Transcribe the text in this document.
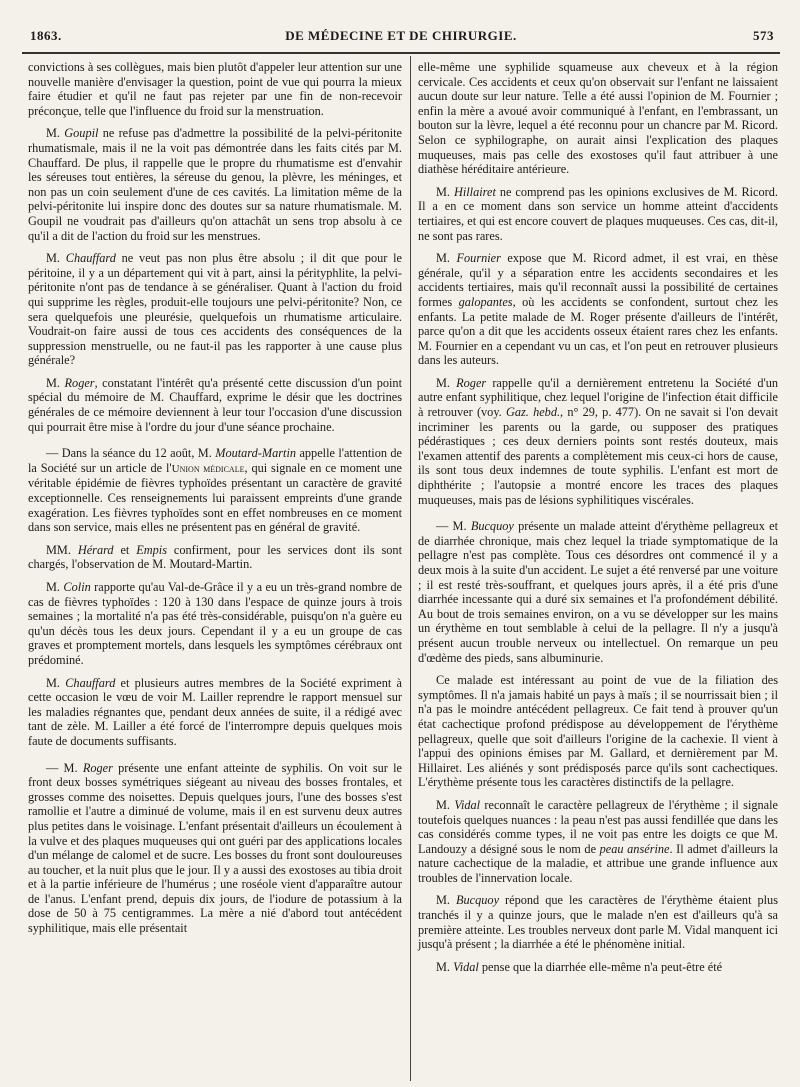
1863.	DE MÉDECINE ET DE CHIRURGIE.	573

convictions à ses collègues, mais bien plutôt d'appeler leur attention sur une nouvelle manière d'envisager la question, point de vue qui pourra la mieux faire étudier et qu'il ne faut pas rejeter par une fin de non-recevoir préconçue, telle que l'influence du froid sur la menstruation.

M. Goupil ne refuse pas d'admettre la possibilité de la pelvi-péritonite rhumatismale, mais il ne la voit pas démontrée dans les faits cités par M. Chauffard. De plus, il rappelle que le propre du rhumatisme est d'envahir les séreuses tout entières, la séreuse du genou, la plèvre, les méninges, et non pas un coin seulement d'une de ces cavités. La limitation même de la pelvi-péritonite lui inspire donc des doutes sur sa nature rhumatismale. M. Goupil ne voudrait pas d'ailleurs qu'on attachât un sens trop absolu à ce qu'il a dit de l'action du froid sur les menstrues.

M. Chauffard ne veut pas non plus être absolu ; il dit que pour le péritoine, il y a un département qui vit à part, ainsi la pérityphlite, la pelvi-péritonite n'ont pas de tendance à se généraliser. Quant à l'action du froid qui supprime les règles, produit-elle toujours une pelvi-péritonite? Non, ce sera quelquefois une pleurésie, quelquefois un rhumatisme articulaire. Voudrait-on faire aussi de tous ces accidents des conséquences de la suppression menstruelle, ou ne faut-il pas les rapporter à une cause plus générale?

M. Roger, constatant l'intérêt qu'a présenté cette discussion d'un point spécial du mémoire de M. Chauffard, exprime le désir que les doctrines générales de ce mémoire deviennent à leur tour l'occasion d'une discussion qui pourrait être mise à l'ordre du jour d'une séance prochaine.

— Dans la séance du 12 août, M. Moutard-Martin appelle l'attention de la Société sur un article de l'Union médicale, qui signale en ce moment une véritable épidémie de fièvres typhoïdes présentant un caractère de gravité exceptionnelle. Ces renseignements lui paraissent empreints d'une grande exagération. Les fièvres typhoïdes sont en effet nombreuses en ce moment dans son service, mais elles ne présentent pas en général de gravité.

MM. Hérard et Empis confirment, pour les services dont ils sont chargés, l'observation de M. Moutard-Martin.

M. Colin rapporte qu'au Val-de-Grâce il y a eu un très-grand nombre de cas de fièvres typhoïdes : 120 à 130 dans l'espace de quinze jours à trois semaines ; la mortalité n'a pas été très-considérable, puisqu'on n'a guère eu qu'un décès tous les deux jours. Cependant il y a eu un groupe de cas graves et promptement mortels, dans lesquels les symptômes cérébraux ont prédominé.

M. Chauffard et plusieurs autres membres de la Société expriment à cette occasion le vœu de voir M. Lailler reprendre le rapport mensuel sur les maladies régnantes que, pendant deux années de suite, il a rédigé avec tant de zèle. M. Lailler a été forcé de l'interrompre depuis quelques mois faute de documents suffisants.

— M. Roger présente une enfant atteinte de syphilis. On voit sur le front deux bosses symétriques siégeant au niveau des bosses frontales, et grosses comme des noisettes. Depuis quelques jours, l'une des bosses s'est ramollie et l'autre a diminué de volume, mais il en est survenu deux autres plus petites dans le voisinage. L'enfant présentait d'ailleurs un écoulement à la vulve et des plaques muqueuses qui ont guéri par des applications locales d'un mélange de calomel et de sucre. Les bosses du front sont douloureuses au toucher, et la nuit plus que le jour. Il y a aussi des exostoses au tibia droit et à la partie inférieure de l'humérus ; une roséole vient d'apparaître autour de l'anus. L'enfant prend, depuis dix jours, de l'iodure de potassium à la dose de 50 à 75 centigrammes. La mère a nié d'abord tout antécédent syphilitique, mais elle présentait

elle-même une syphilide squameuse aux cheveux et à la région cervicale. Ces accidents et ceux qu'on observait sur l'enfant ne laissaient aucun doute sur leur nature. Telle a été aussi l'opinion de M. Fournier ; enfin la mère a avoué avoir communiqué à l'enfant, en l'embrassant, un bouton sur la lèvre, lequel a été reconnu pour un chancre par M. Ricord. Selon ce syphilographe, on aurait ainsi l'explication des plaques muqueuses, mais pas celle des exostoses qu'il faut attribuer à une diathèse héréditaire antérieure.

M. Hillairet ne comprend pas les opinions exclusives de M. Ricord. Il a en ce moment dans son service un homme atteint d'accidents tertiaires, et qui est encore couvert de plaques muqueuses. Ces cas, dit-il, ne sont pas rares.

M. Fournier expose que M. Ricord admet, il est vrai, en thèse générale, qu'il y a séparation entre les accidents secondaires et les accidents tertiaires, mais qu'il reconnaît aussi la possibilité de certaines formes galopantes, où les accidents se confondent, surtout chez les enfants. La petite malade de M. Roger présente d'ailleurs de l'intérêt, parce qu'on a dit que les accidents osseux étaient rares chez les enfants. M. Fournier en a cependant vu un cas, et l'on peut en retrouver plusieurs dans les auteurs.

M. Roger rappelle qu'il a dernièrement entretenu la Société d'un autre enfant syphilitique, chez lequel l'origine de l'infection était difficile à retrouver (voy. Gaz. hebd., n° 29, p. 477). On ne savait si l'on devait incriminer les parents ou la garde, ou supposer des pratiques pédérastiques ; ces deux derniers points sont restés douteux, mais l'examen attentif des parents a complètement mis ceux-ci hors de cause, ils sont tous deux indemnes de toute syphilis. L'enfant est mort de diphthérite ; l'autopsie a montré encore les traces des plaques muqueuses, mais pas de lésions syphilitiques viscérales.

— M. Bucquoy présente un malade atteint d'érythème pellagreux et de diarrhée chronique, mais chez lequel la triade symptomatique de la pellagre n'est pas complète. Tous ces désordres ont commencé il y a deux mois à la suite d'un accident. Le sujet a été renversé par une voiture ; il est resté très-souffrant, et quelques jours après, il a été pris d'une diarrhée incessante qui a duré six semaines et l'a profondément débilité. Au bout de trois semaines environ, on a vu se développer sur les mains un érythème en tout semblable à celui de la pellagre. Il n'y a jusqu'à présent aucun trouble nerveux ou intellectuel. On remarque un peu d'œdème des pieds, sans albuminurie.

Ce malade est intéressant au point de vue de la filiation des symptômes. Il n'a jamais habité un pays à maïs ; il se nourrissait bien ; il n'a pas le moindre antécédent pellagreux. Ce fait tend à prouver qu'un état cachectique profond prédispose au développement de l'érythème pellagreux, quelle que soit d'ailleurs l'origine de la cachexie. Il vient à l'appui des opinions émises par M. Gallard, et dernièrement par M. Hillairet. Les aliénés y sont prédisposés parce qu'ils sont cachectiques. L'érythème présente tous les caractères distinctifs de la pellagre.

M. Vidal reconnaît le caractère pellagreux de l'érythème ; il signale toutefois quelques nuances : la peau n'est pas aussi fendillée que dans les cas considérés comme types, il ne voit pas entre les doigts ce que M. Landouzy a désigné sous le nom de peau ansérine. Il admet d'ailleurs la nature cachectique de la maladie, et attribue une grande influence aux troubles de l'innervation locale.

M. Bucquoy répond que les caractères de l'érythème étaient plus tranchés il y a quinze jours, que le malade n'en est d'ailleurs qu'à sa première atteinte. Les troubles nerveux dont parle M. Vidal manquent ici jusqu'à présent ; la diarrhée a été le phénomène initial.

M. Vidal pense que la diarrhée elle-même n'a peut-être été
